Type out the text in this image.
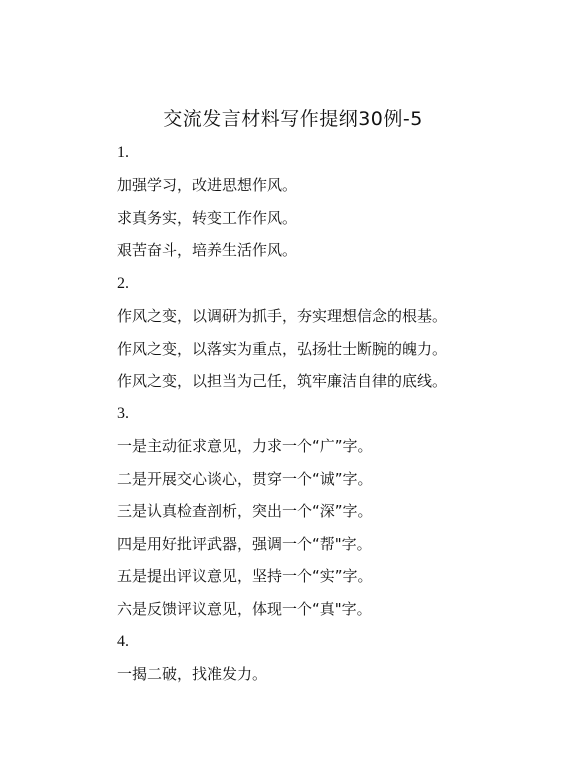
交流发言材料写作提纲30例-5
1.
加强学习，改进思想作风。
求真务实，转变工作作风。
艰苦奋斗，培养生活作风。
2.
作风之变，以调研为抓手，夯实理想信念的根基。
作风之变，以落实为重点，弘扬壮士断腕的魄力。
作风之变，以担当为己任，筑牢廉洁自律的底线。
3.
一是主动征求意见，力求一个“广”字。
二是开展交心谈心，贯穿一个“诚”字。
三是认真检查剖析，突出一个“深”字。
四是用好批评武器，强调一个“帮"字。
五是提出评议意见，坚持一个“实”字。
六是反馈评议意见，体现一个“真"字。
4.
一揭二破，找准发力。
